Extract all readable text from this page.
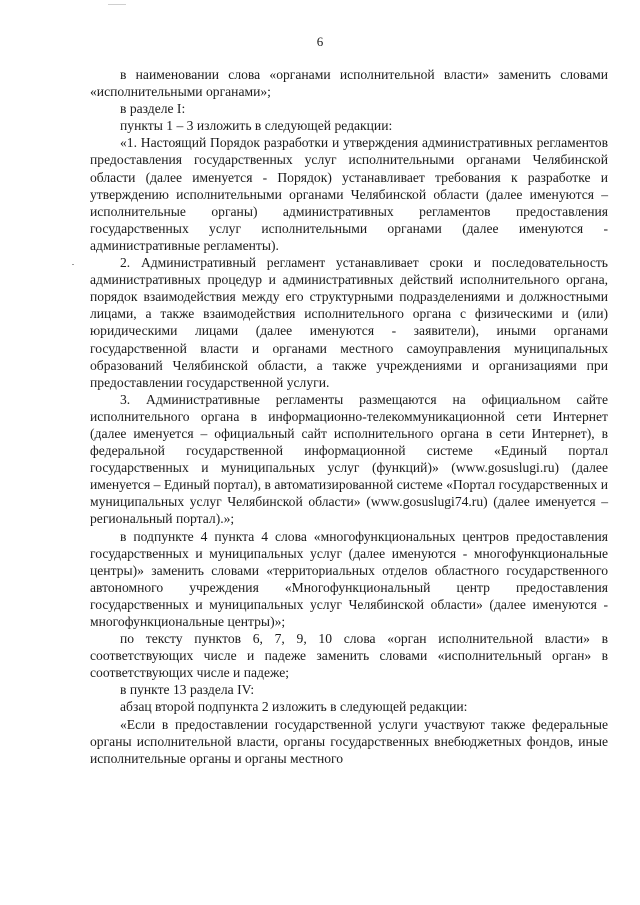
6

в наименовании слова «органами исполнительной власти» заменить словами «исполнительными органами»;

в разделе I:

пункты 1 – 3 изложить в следующей редакции:

«1. Настоящий Порядок разработки и утверждения административных регламентов предоставления государственных услуг исполнительными органами Челябинской области (далее именуется - Порядок) устанавливает требования к разработке и утверждению исполнительными органами Челябинской области (далее именуются – исполнительные органы) административных регламентов предоставления государственных услуг исполнительными органами (далее именуются - административные регламенты).

2. Административный регламент устанавливает сроки и последовательность административных процедур и административных действий исполнительного органа, порядок взаимодействия между его структурными подразделениями и должностными лицами, а также взаимодействия исполнительного органа с физическими и (или) юридическими лицами (далее именуются - заявители), иными органами государственной власти и органами местного самоуправления муниципальных образований Челябинской области, а также учреждениями и организациями при предоставлении государственной услуги.

3. Административные регламенты размещаются на официальном сайте исполнительного органа в информационно-телекоммуникационной сети Интернет (далее именуется – официальный сайт исполнительного органа в сети Интернет), в федеральной государственной информационной системе «Единый портал государственных и муниципальных услуг (функций)» (www.gosuslugi.ru) (далее именуется – Единый портал), в автоматизированной системе «Портал государственных и муниципальных услуг Челябинской области» (www.gosuslugi74.ru) (далее именуется – региональный портал).»;

в подпункте 4 пункта 4 слова «многофункциональных центров предоставления государственных и муниципальных услуг (далее именуются - многофункциональные центры)» заменить словами «территориальных отделов областного государственного автономного учреждения «Многофункциональный центр предоставления государственных и муниципальных услуг Челябинской области» (далее именуются - многофункциональные центры)»;

по тексту пунктов 6, 7, 9, 10 слова «орган исполнительной власти» в соответствующих числе и падеже заменить словами «исполнительный орган» в соответствующих числе и падеже;

в пункте 13 раздела IV:

абзац второй подпункта 2 изложить в следующей редакции:

«Если в предоставлении государственной услуги участвуют также федеральные органы исполнительной власти, органы государственных внебюджетных фондов, иные исполнительные органы и органы местного
